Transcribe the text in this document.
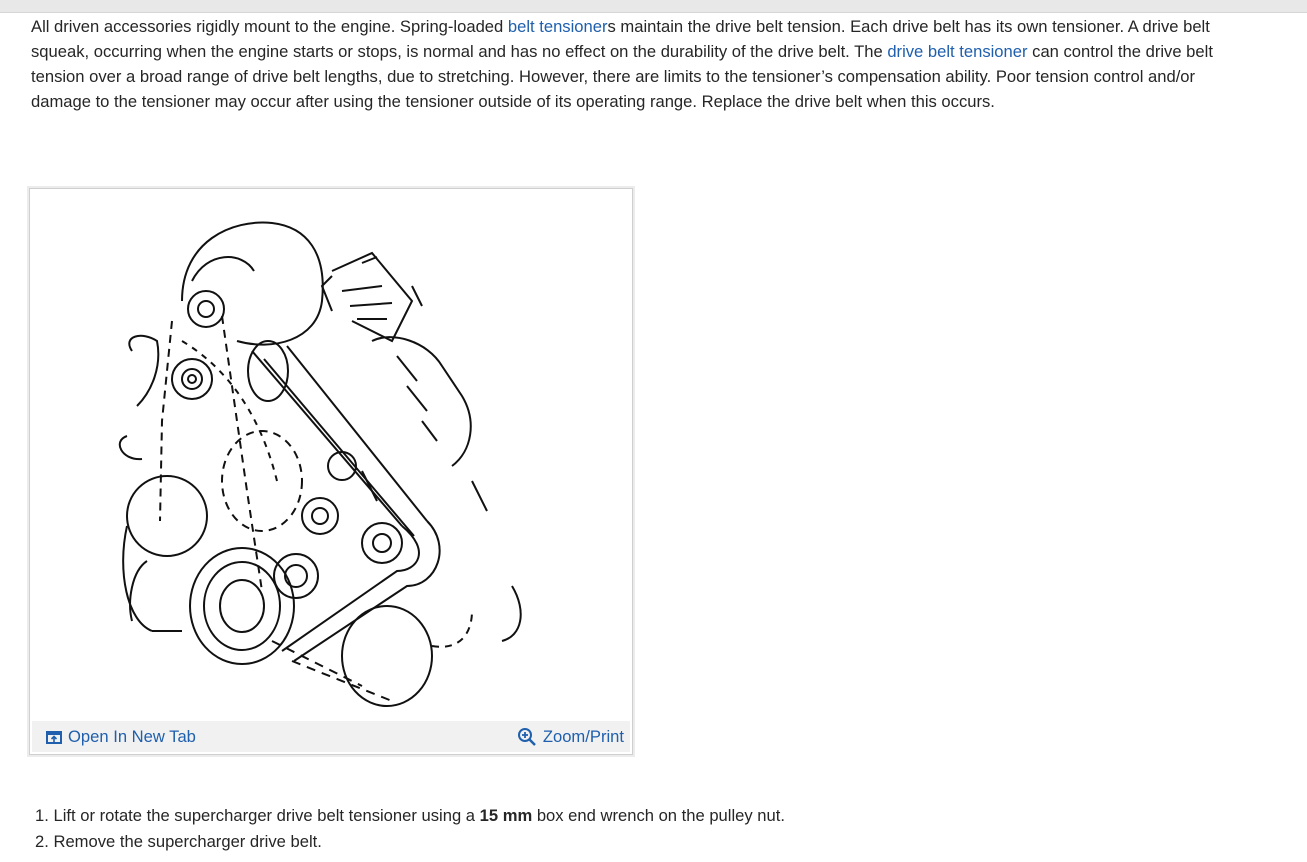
All driven accessories rigidly mount to the engine. Spring-loaded belt tensioners maintain the drive belt tension. Each drive belt has its own tensioner. A drive belt squeak, occurring when the engine starts or stops, is normal and has no effect on the durability of the drive belt. The drive belt tensioner can control the drive belt tension over a broad range of drive belt lengths, due to stretching. However, there are limits to the tensioner’s compensation ability. Poor tension control and/or damage to the tensioner may occur after using the tensioner outside of its operating range. Replace the drive belt when this occurs.

Open In New Tab	Zoom/Print
1. Lift or rotate the supercharger drive belt tensioner using a 15 mm box end wrench on the pulley nut.
2. Remove the supercharger drive belt.
